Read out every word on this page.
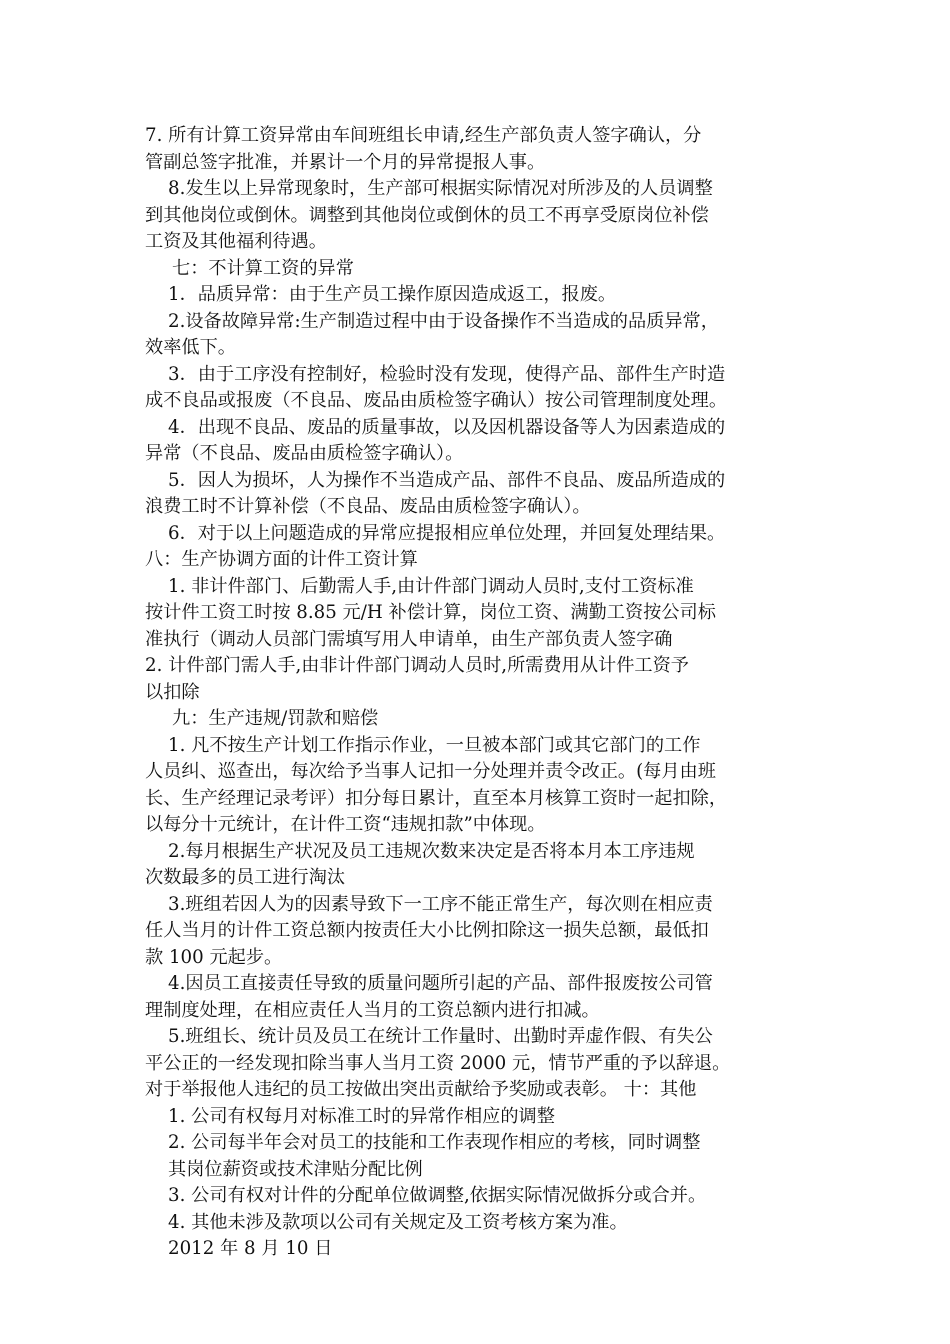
7. 所有计算工资异常由车间班组长申请,经生产部负责人签字确认，分
管副总签字批准，并累计一个月的异常提报人事。
8.发生以上异常现象时，生产部可根据实际情况对所涉及的人员调整
到其他岗位或倒休。调整到其他岗位或倒休的员工不再享受原岗位补偿
工资及其他福利待遇。
七：不计算工资的异常
1．品质异常：由于生产员工操作原因造成返工，报废。
2.设备故障异常:生产制造过程中由于设备操作不当造成的品质异常，
效率低下。
3．由于工序没有控制好，检验时没有发现，使得产品、部件生产时造
成不良品或报废（不良品、废品由质检签字确认）按公司管理制度处理。
4．出现不良品、废品的质量事故，以及因机器设备等人为因素造成的
异常（不良品、废品由质检签字确认）。
5．因人为损坏，人为操作不当造成产品、部件不良品、废品所造成的
浪费工时不计算补偿（不良品、废品由质检签字确认）。
6．对于以上问题造成的异常应提报相应单位处理，并回复处理结果。
八：生产协调方面的计件工资计算
1. 非计件部门、后勤需人手,由计件部门调动人员时,支付工资标准
按计件工资工时按 8.85 元/H 补偿计算，岗位工资、满勤工资按公司标
准执行（调动人员部门需填写用人申请单，由生产部负责人签字确
2. 计件部门需人手,由非计件部门调动人员时,所需费用从计件工资予
以扣除
九：生产违规/罚款和赔偿
1. 凡不按生产计划工作指示作业，一旦被本部门或其它部门的工作
人员纠、巡查出，每次给予当事人记扣一分处理并责令改正。(每月由班
长、生产经理记录考评）扣分每日累计，直至本月核算工资时一起扣除，
以每分十元统计，在计件工资“违规扣款”中体现。
2.每月根据生产状况及员工违规次数来决定是否将本月本工序违规
次数最多的员工进行淘汰
3.班组若因人为的因素导致下一工序不能正常生产，每次则在相应责
任人当月的计件工资总额内按责任大小比例扣除这一损失总额，最低扣
款 100 元起步。
4.因员工直接责任导致的质量问题所引起的产品、部件报废按公司管
理制度处理，在相应责任人当月的工资总额内进行扣减。
5.班组长、统计员及员工在统计工作量时、出勤时弄虚作假、有失公
平公正的一经发现扣除当事人当月工资 2000 元，情节严重的予以辞退。
对于举报他人违纪的员工按做出突出贡献给予奖励或表彰。 十：其他
1. 公司有权每月对标准工时的异常作相应的调整
2. 公司每半年会对员工的技能和工作表现作相应的考核，同时调整
其岗位薪资或技术津贴分配比例
3. 公司有权对计件的分配单位做调整,依据实际情况做拆分或合并。
4. 其他未涉及款项以公司有关规定及工资考核方案为准。
2012 年 8 月 10 日
